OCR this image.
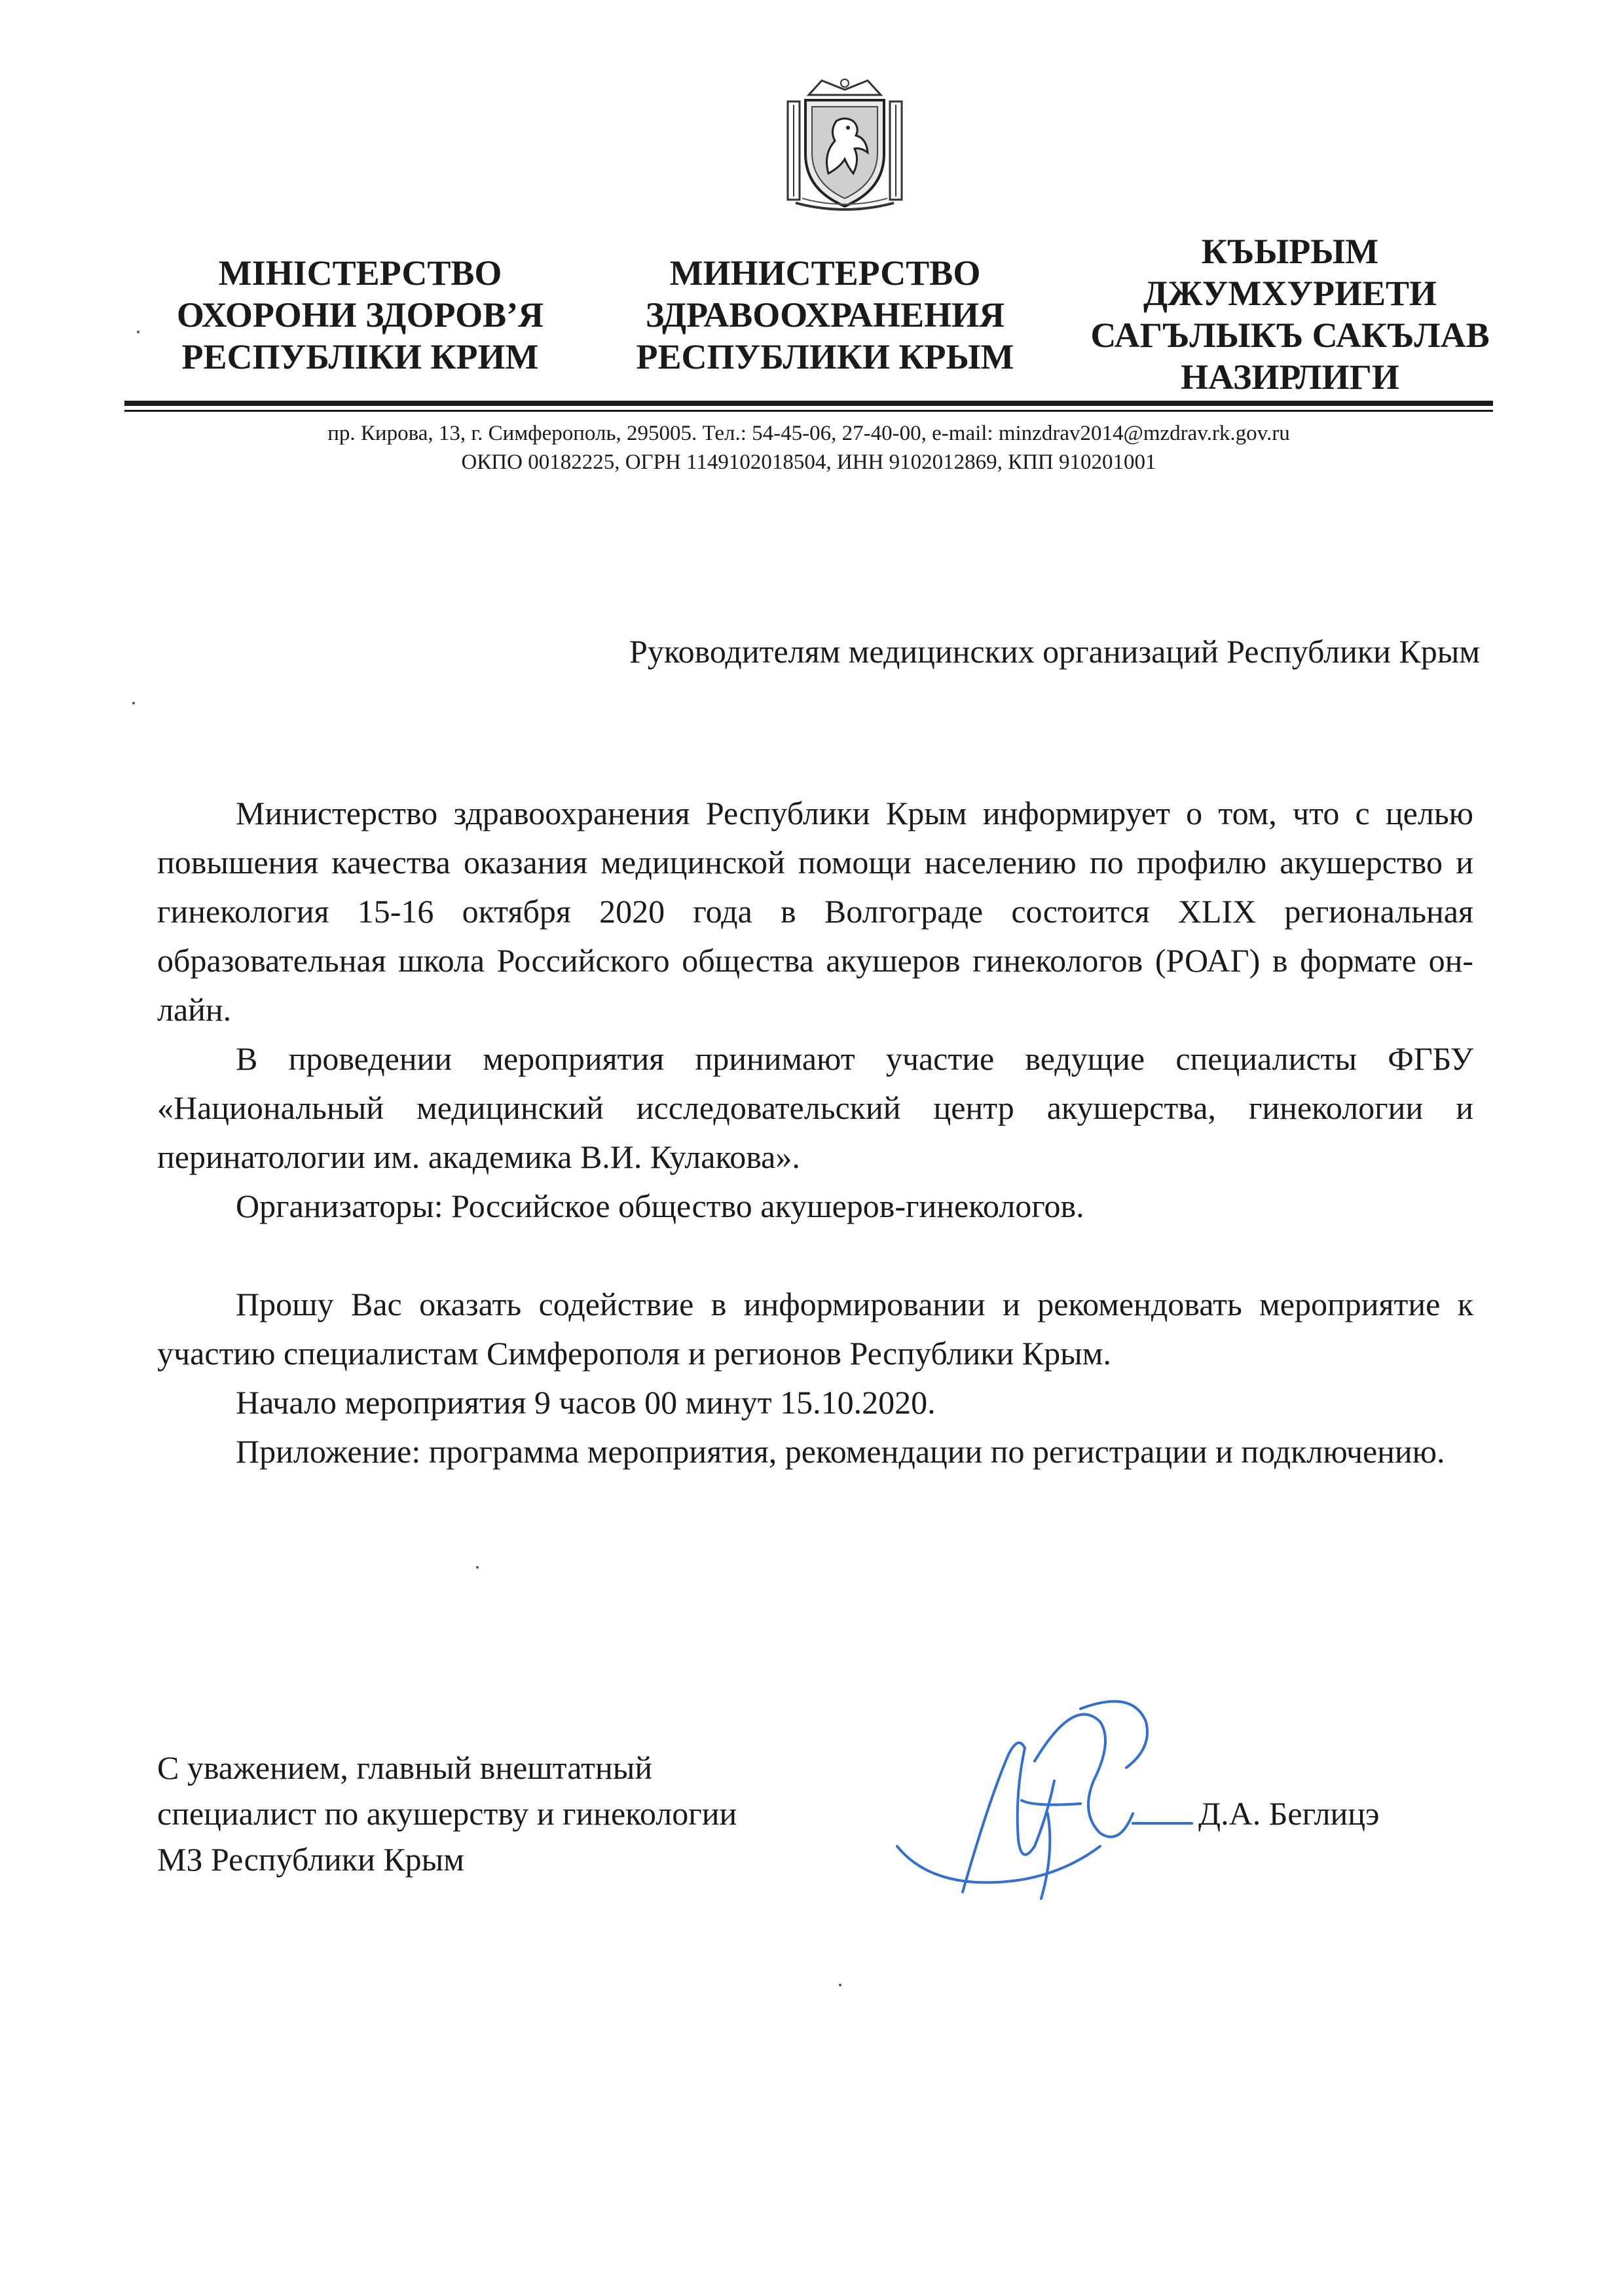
МІНІСТЕРСТВО
ОХОРОНИ ЗДОРОВ’Я
РЕСПУБЛІКИ КРИМ
МИНИСТЕРСТВО
ЗДРАВООХРАНЕНИЯ
РЕСПУБЛИКИ КРЫМ
КЪЫРЫМ
ДЖУМХУРИЕТИ
САГЪЛЫКЪ САКЪЛАВ
НАЗИРЛИГИ
пр. Кирова, 13, г. Симферополь, 295005. Тел.: 54-45-06, 27-40-00, e-mail: minzdrav2014@mzdrav.rk.gov.ru
ОКПО 00182225, ОГРН 1149102018504, ИНН 9102012869, КПП 910201001
Руководителям медицинских организаций Республики Крым

Министерство здравоохранения Республики Крым информирует о том, что с целью повышения качества оказания медицинской помощи населению по профилю акушерство и гинекология 15-16 октября 2020 года в Волгограде состоится XLIX региональная образовательная школа Российского общества акушеров гинекологов (РОАГ) в формате он-лайн.

В проведении мероприятия принимают участие ведущие специалисты ФГБУ «Национальный медицинский исследовательский центр акушерства, гинекологии и перинатологии им. академика В.И. Кулакова».

Организаторы: Российское общество акушеров-гинекологов.

Прошу Вас оказать содействие в информировании и рекомендовать мероприятие к участию специалистам Симферополя и регионов Республики Крым.

Начало мероприятия 9 часов 00 минут 15.10.2020.

Приложение: программа мероприятия, рекомендации по регистрации и подключению.

С уважением, главный внештатный
специалист по акушерству и гинекологии
МЗ Республики Крым
Д.А. Беглицэ
